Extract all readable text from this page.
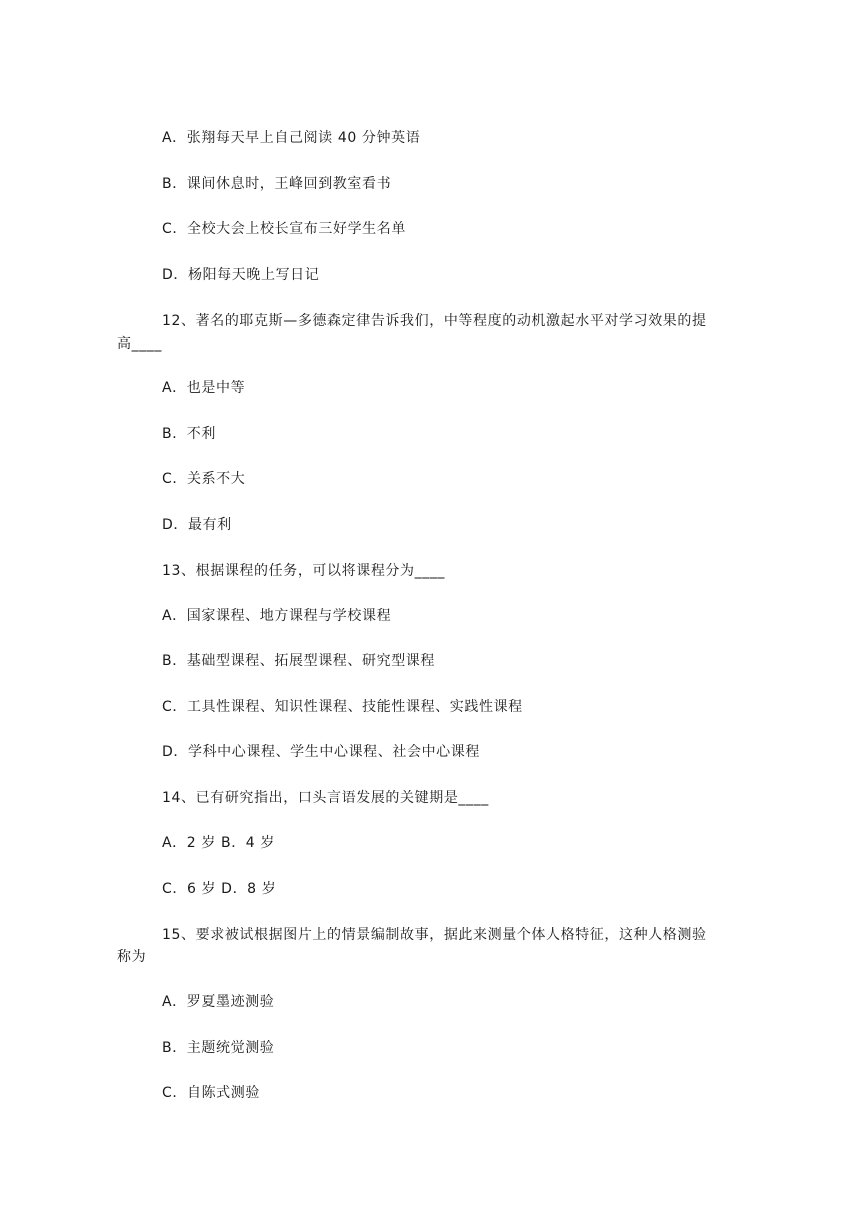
A．张翔每天早上自己阅读 40 分钟英语
B．课间休息时，王峰回到教室看书
C．全校大会上校长宣布三好学生名单
D．杨阳每天晚上写日记
12、著名的耶克斯—多德森定律告诉我们，中等程度的动机激起水平对学习效果的提
高____
A．也是中等
B．不利
C．关系不大
D．最有利
13、根据课程的任务，可以将课程分为____
A．国家课程、地方课程与学校课程
B．基础型课程、拓展型课程、研究型课程
C．工具性课程、知识性课程、技能性课程、实践性课程
D．学科中心课程、学生中心课程、社会中心课程
14、已有研究指出，口头言语发展的关键期是____
A．2 岁 B．4 岁
C．6 岁 D．8 岁
15、要求被试根据图片上的情景编制故事，据此来测量个体人格特征，这种人格测验
称为
A．罗夏墨迹测验
B．主题统觉测验
C．自陈式测验
